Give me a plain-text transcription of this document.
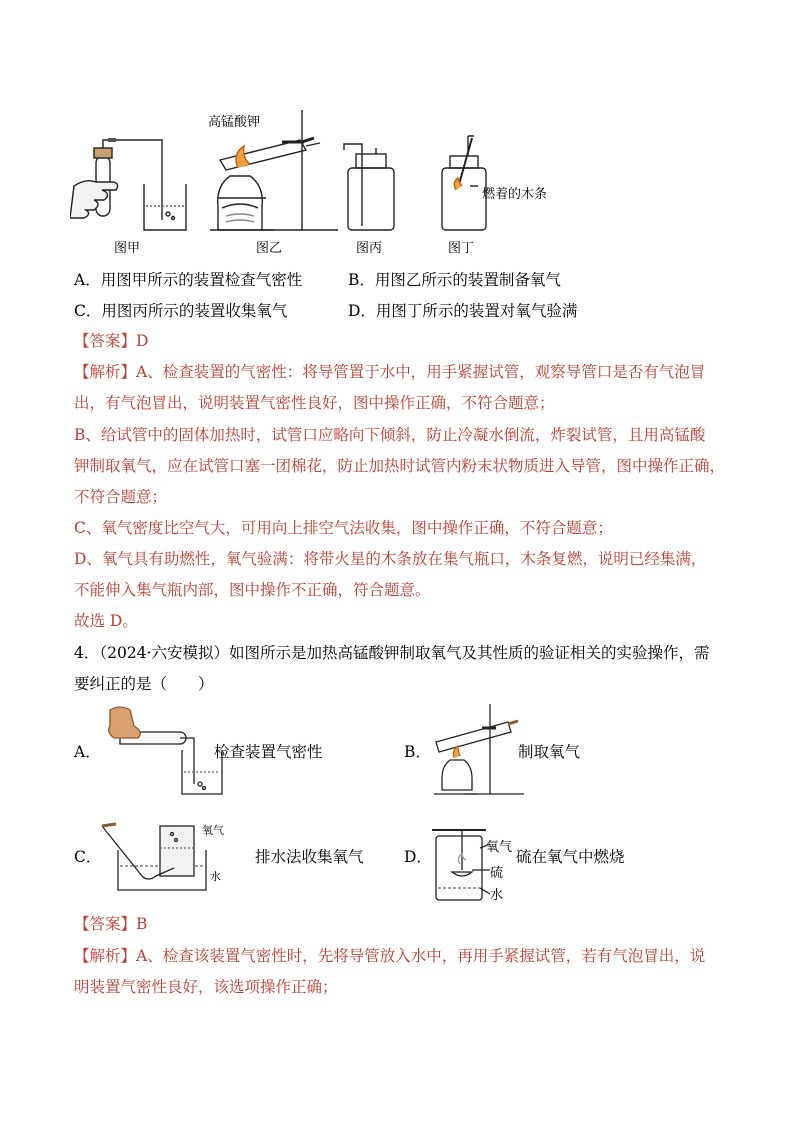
高锰酸钾
燃着的木条
图甲	图乙	图丙	图丁
A．用图甲所示的装置检查气密性	B．用图乙所示的装置制备氧气
C．用图丙所示的装置收集氧气	D．用图丁所示的装置对氧气验满
【答案】D
【解析】A、检查装置的气密性：将导管置于水中，用手紧握试管，观察导管口是否有气泡冒
出，有气泡冒出，说明装置气密性良好，图中操作正确，不符合题意；
B、给试管中的固体加热时，试管口应略向下倾斜，防止冷凝水倒流，炸裂试管，且用高锰酸
钾制取氧气，应在试管口塞一团棉花，防止加热时试管内粉末状物质进入导管，图中操作正确，
不符合题意；
C、氧气密度比空气大，可用向上排空气法收集，图中操作正确，不符合题意；
D、氧气具有助燃性，氧气验满：将带火星的木条放在集气瓶口，木条复燃，说明已经集满，
不能伸入集气瓶内部，图中操作不正确，符合题意。
故选 D。
4．（2024·六安模拟）如图所示是加热高锰酸钾制取氧气及其性质的验证相关的实验操作，需
要纠正的是（　　）
A．	检查装置气密性	B．	制取氧气
C．
氧气
水
排水法收集氧气	D．
氧气
硫
水
硫在氧气中燃烧
【答案】B
【解析】A、检查该装置气密性时，先将导管放入水中，再用手紧握试管，若有气泡冒出，说
明装置气密性良好，该选项操作正确；
